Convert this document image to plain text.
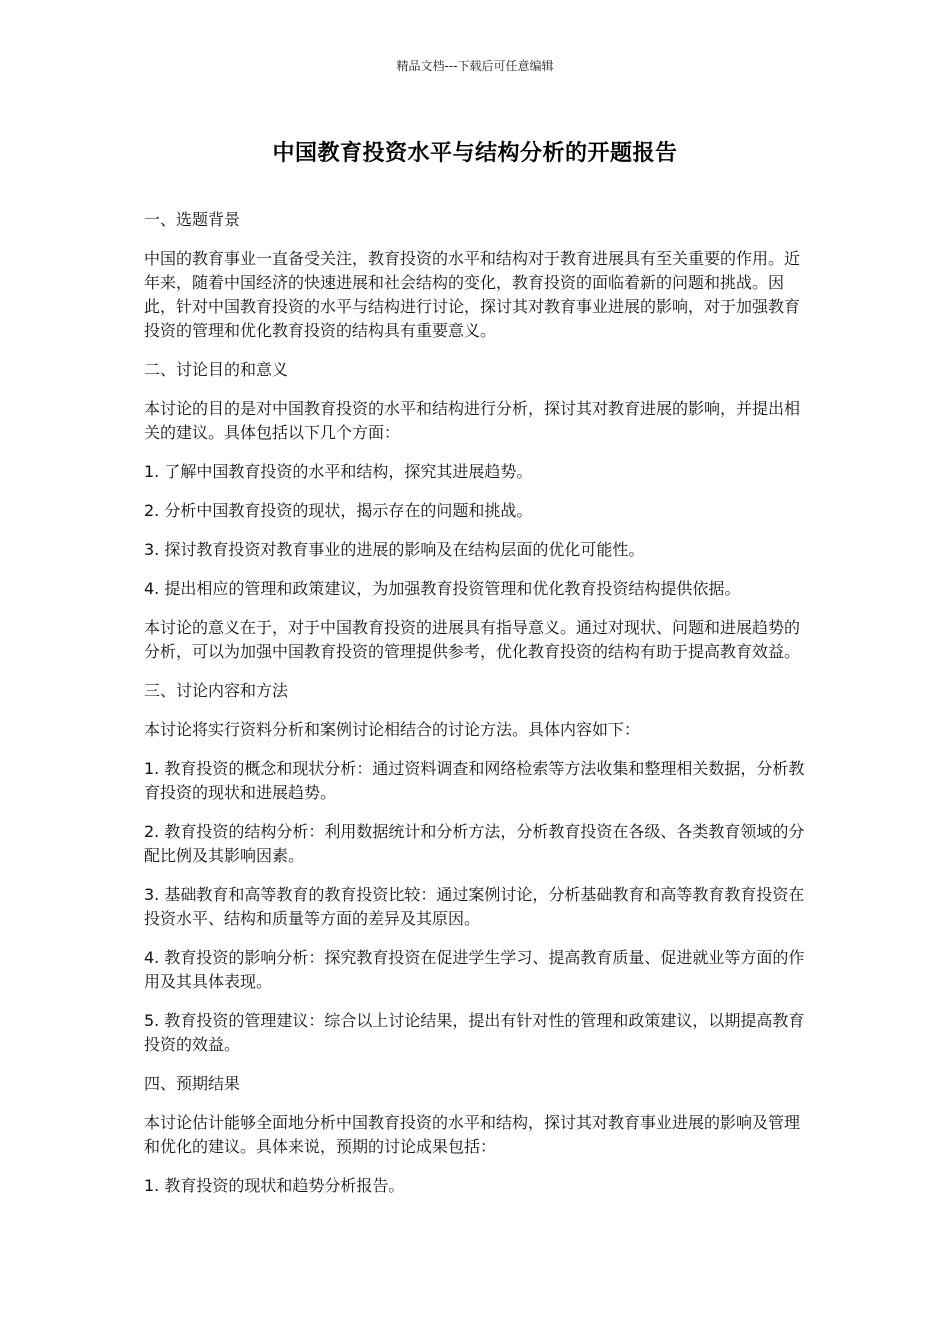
精品文档---下载后可任意编辑
中国教育投资水平与结构分析的开题报告

一、选题背景

中国的教育事业一直备受关注，教育投资的水平和结构对于教育进展具有至关重要的作用。近年来，随着中国经济的快速进展和社会结构的变化，教育投资的面临着新的问题和挑战。因此，针对中国教育投资的水平与结构进行讨论，探讨其对教育事业进展的影响，对于加强教育投资的管理和优化教育投资的结构具有重要意义。

二、讨论目的和意义

本讨论的目的是对中国教育投资的水平和结构进行分析，探讨其对教育进展的影响，并提出相关的建议。具体包括以下几个方面：

1. 了解中国教育投资的水平和结构，探究其进展趋势。

2. 分析中国教育投资的现状，揭示存在的问题和挑战。

3. 探讨教育投资对教育事业的进展的影响及在结构层面的优化可能性。

4. 提出相应的管理和政策建议，为加强教育投资管理和优化教育投资结构提供依据。

本讨论的意义在于，对于中国教育投资的进展具有指导意义。通过对现状、问题和进展趋势的分析，可以为加强中国教育投资的管理提供参考，优化教育投资的结构有助于提高教育效益。

三、讨论内容和方法

本讨论将实行资料分析和案例讨论相结合的讨论方法。具体内容如下：

1. 教育投资的概念和现状分析：通过资料调查和网络检索等方法收集和整理相关数据，分析教育投资的现状和进展趋势。

2. 教育投资的结构分析：利用数据统计和分析方法，分析教育投资在各级、各类教育领域的分配比例及其影响因素。

3. 基础教育和高等教育的教育投资比较：通过案例讨论，分析基础教育和高等教育教育投资在投资水平、结构和质量等方面的差异及其原因。

4. 教育投资的影响分析：探究教育投资在促进学生学习、提高教育质量、促进就业等方面的作用及其具体表现。

5. 教育投资的管理建议：综合以上讨论结果，提出有针对性的管理和政策建议，以期提高教育投资的效益。

四、预期结果

本讨论估计能够全面地分析中国教育投资的水平和结构，探讨其对教育事业进展的影响及管理和优化的建议。具体来说，预期的讨论成果包括：

1. 教育投资的现状和趋势分析报告。
